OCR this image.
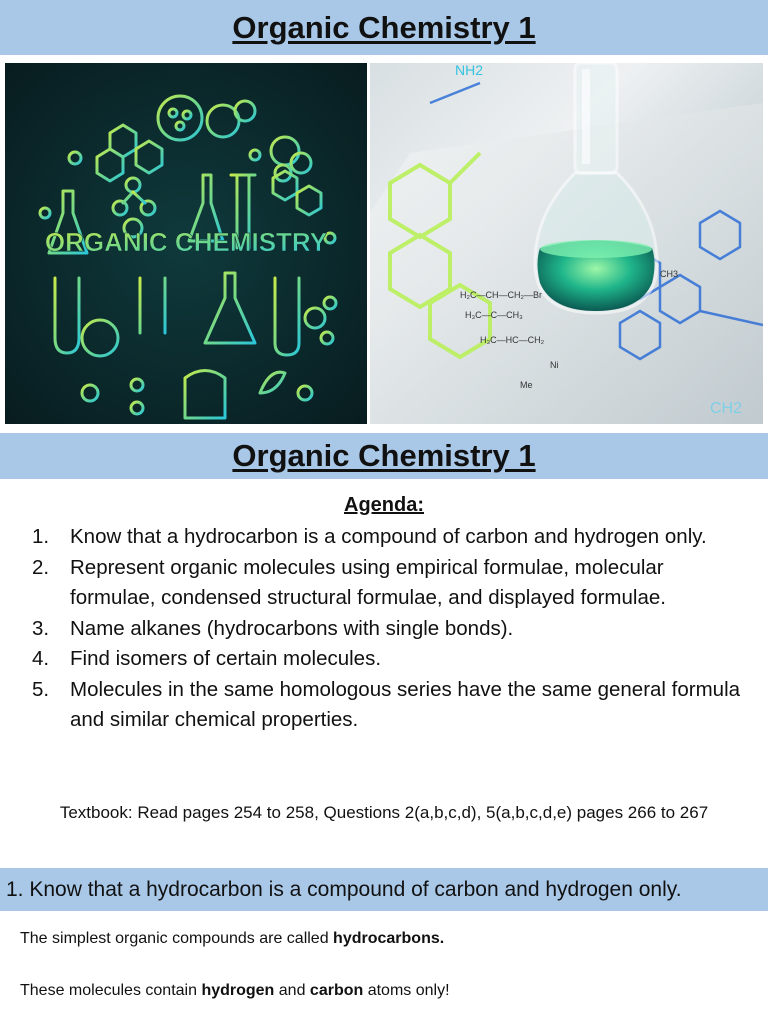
Organic Chemistry 1
ORGANIC CHEMISTRY
H₂C—CH—CH₂—Br
H₃C—C—CH₃
H₃C—HC—CH₂
Me
NH2
CH3
CH2
Ni
Organic Chemistry 1
Agenda:
1.	Know that a hydrocarbon is a compound of carbon and hydrogen only.
2.	Represent organic molecules using empirical formulae, molecular formulae, condensed structural formulae, and displayed formulae.
3.	Name alkanes (hydrocarbons with single bonds).
4.	Find isomers of certain molecules.
5.	Molecules in the same homologous series have the same general formula and similar chemical properties.
Textbook: Read pages 254 to 258, Questions 2(a,b,c,d), 5(a,b,c,d,e) pages 266 to 267
1. Know that a hydrocarbon is a compound of carbon and hydrogen only.
The simplest organic compounds are called hydrocarbons.
These molecules contain hydrogen and carbon atoms only!
